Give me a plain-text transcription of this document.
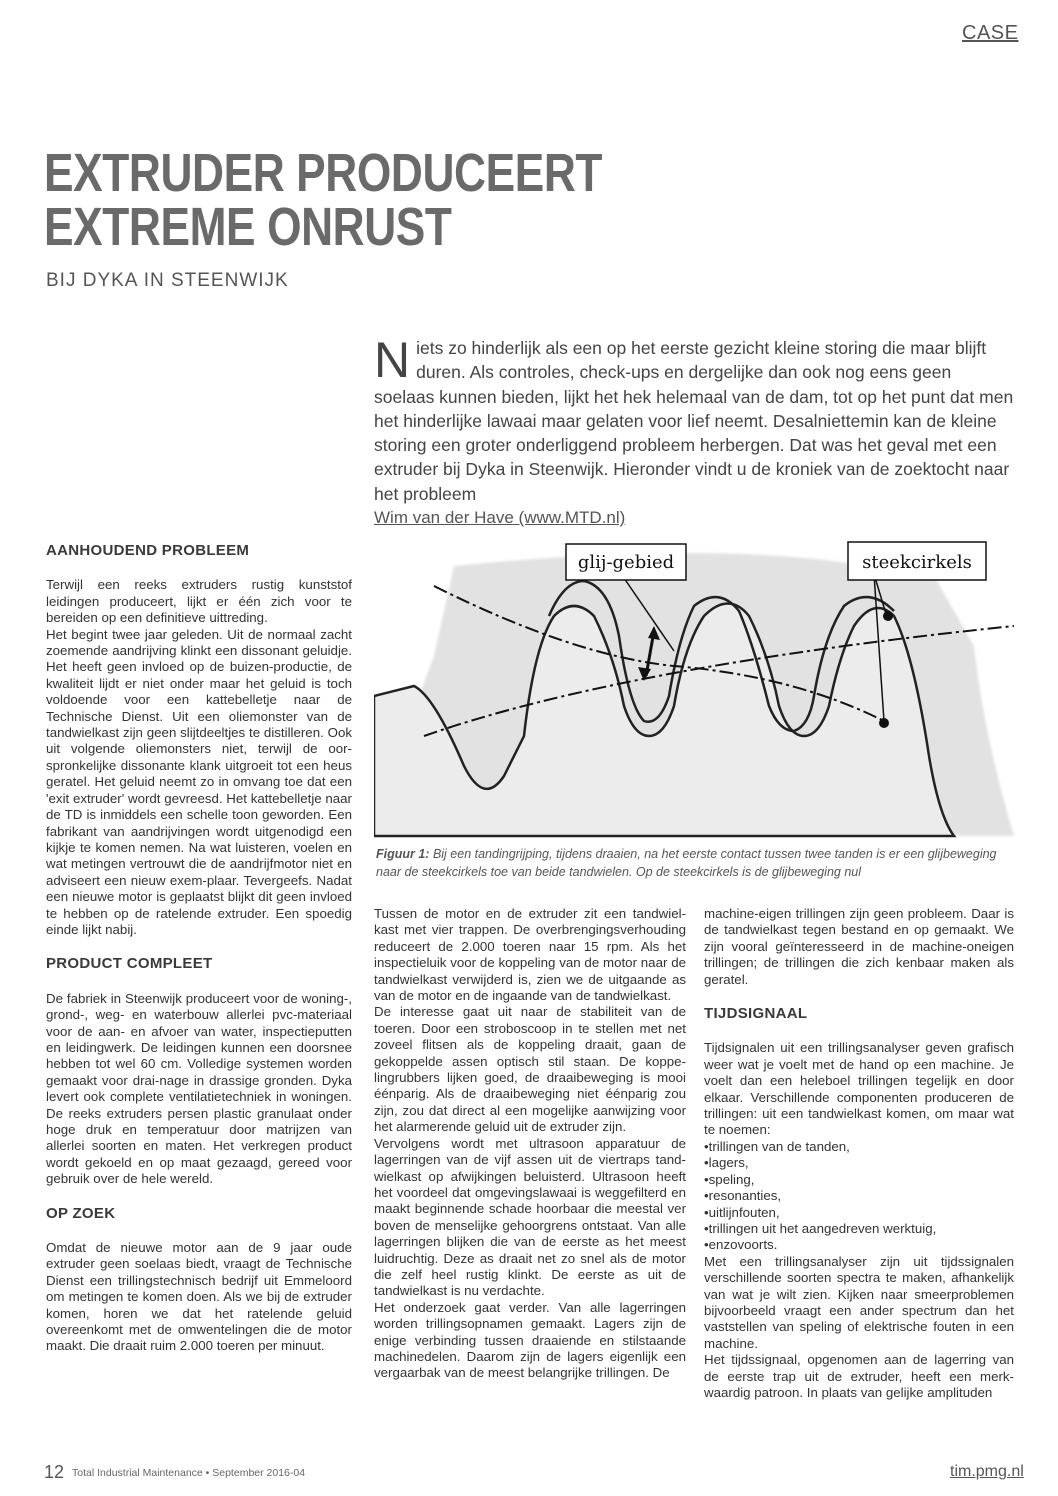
CASE
EXTRUDER PRODUCEERT
EXTREME ONRUST
BIJ DYKA IN STEENWIJK
N iets zo hinderlijk als een op het eerste gezicht kleine storing die maar blijft duren. Als controles, check-ups en dergelijke dan ook nog eens geen soelaas kunnen bieden, lijkt het hek helemaal van de dam, tot op het punt dat men het hinderlijke lawaai maar gelaten voor lief neemt. Desalniettemin kan de kleine storing een groter onderliggend probleem herbergen. Dat was het geval met een extruder bij Dyka in Steenwijk. Hieronder vindt u de kroniek van de zoektocht naar het probleem
Wim van der Have (www.MTD.nl)
glij-gebied	steekcirkels
Figuur 1: Bij een tandingrijping, tijdens draaien, na het eerste contact tussen twee tanden is er een glijbeweging naar de steekcirkels toe van beide tandwielen. Op de steekcirkels is de glijbeweging nul
AANHOUDEND PROBLEEM

Terwijl een reeks extruders rustig kunststof leidingen produceert, lijkt er één zich voor te bereiden op een definitieve uittreding.

Het begint twee jaar geleden. Uit de normaal zacht zoemende aandrijving klinkt een dissonant geluidje. Het heeft geen invloed op de buizen-productie, de kwaliteit lijdt er niet onder maar het geluid is toch voldoende voor een kattebelletje naar de Technische Dienst. Uit een oliemonster van de tandwielkast zijn geen slijtdeeltjes te distilleren. Ook uit volgende oliemonsters niet, terwijl de oor-spronkelijke dissonante klank uitgroeit tot een heus geratel. Het geluid neemt zo in omvang toe dat een 'exit extruder' wordt gevreesd. Het kattebelletje naar de TD is inmiddels een schelle toon geworden. Een fabrikant van aandrijvingen wordt uitgenodigd een kijkje te komen nemen. Na wat luisteren, voelen en wat metingen vertrouwt die de aandrijfmotor niet en adviseert een nieuw exem-plaar. Tevergeefs. Nadat een nieuwe motor is geplaatst blijkt dit geen invloed te hebben op de ratelende extruder. Een spoedig einde lijkt nabij.

PRODUCT COMPLEET

De fabriek in Steenwijk produceert voor de woning-, grond-, weg- en waterbouw allerlei pvc-materiaal voor de aan- en afvoer van water, inspectieputten en leidingwerk. De leidingen kunnen een doorsnee hebben tot wel 60 cm. Volledige systemen worden gemaakt voor drai-nage in drassige gronden. Dyka levert ook complete ventilatietechniek in woningen. De reeks extruders persen plastic granulaat onder hoge druk en temperatuur door matrijzen van allerlei soorten en maten. Het verkregen product wordt gekoeld en op maat gezaagd, gereed voor gebruik over de hele wereld.

OP ZOEK

Omdat de nieuwe motor aan de 9 jaar oude extruder geen soelaas biedt, vraagt de Technische Dienst een trillingstechnisch bedrijf uit Emmeloord om metingen te komen doen. Als we bij de extruder komen, horen we dat het ratelende geluid overeenkomt met de omwentelingen die de motor maakt. Die draait ruim 2.000 toeren per minuut.

Tussen de motor en de extruder zit een tandwiel-kast met vier trappen. De overbrengingsverhouding reduceert de 2.000 toeren naar 15 rpm. Als het inspectieluik voor de koppeling van de motor naar de tandwielkast verwijderd is, zien we de uitgaande as van de motor en de ingaande van de tandwielkast.

De interesse gaat uit naar de stabiliteit van de toeren. Door een stroboscoop in te stellen met net zoveel flitsen als de koppeling draait, gaan de gekoppelde assen optisch stil staan. De koppe-lingrubbers lijken goed, de draaibeweging is mooi éénparig. Als de draaibeweging niet éénparig zou zijn, zou dat direct al een mogelijke aanwijzing voor het alarmerende geluid uit de extruder zijn.

Vervolgens wordt met ultrasoon apparatuur de lagerringen van de vijf assen uit de viertraps tand-wielkast op afwijkingen beluisterd. Ultrasoon heeft het voordeel dat omgevingslawaai is weggefilterd en maakt beginnende schade hoorbaar die meestal ver boven de menselijke gehoorgrens ontstaat. Van alle lagerringen blijken die van de eerste as het meest luidruchtig. Deze as draait net zo snel als de motor die zelf heel rustig klinkt. De eerste as uit de tandwielkast is nu verdachte.

Het onderzoek gaat verder. Van alle lagerringen worden trillingsopnamen gemaakt. Lagers zijn de enige verbinding tussen draaiende en stilstaande machinedelen. Daarom zijn de lagers eigenlijk een vergaarbak van de meest belangrijke trillingen. De

machine-eigen trillingen zijn geen probleem. Daar is de tandwielkast tegen bestand en op gemaakt. We zijn vooral geïnteresseerd in de machine-oneigen trillingen; de trillingen die zich kenbaar maken als geratel.

TIJDSIGNAAL

Tijdsignalen uit een trillingsanalyser geven grafisch weer wat je voelt met de hand op een machine. Je voelt dan een heleboel trillingen tegelijk en door elkaar. Verschillende componenten produceren de trillingen: uit een tandwielkast komen, om maar wat te noemen:

• trillingen van de tanden,
• lagers,
• speling,
• resonanties,
• uitlijnfouten,
• trillingen uit het aangedreven werktuig,
• enzovoorts.

Met een trillingsanalyser zijn uit tijdssignalen verschillende soorten spectra te maken, afhankelijk van wat je wilt zien. Kijken naar smeerproblemen bijvoorbeeld vraagt een ander spectrum dan het vaststellen van speling of elektrische fouten in een machine.

Het tijdssignaal, opgenomen aan de lagerring van de eerste trap uit de extruder, heeft een merk-waardig patroon. In plaats van gelijke amplituden

12 Total Industrial Maintenance • September 2016-04	tim.pmg.nl
